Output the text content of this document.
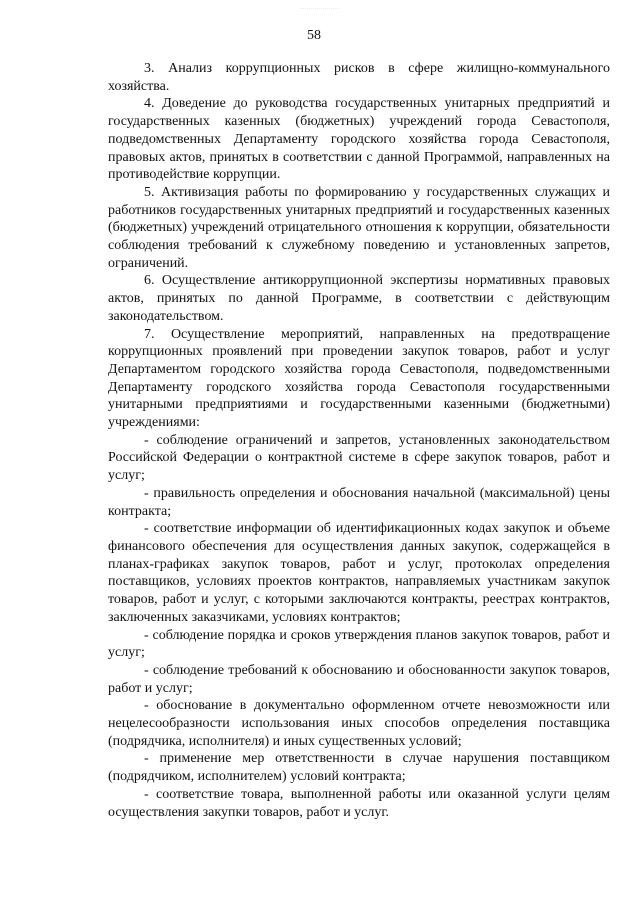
58

3. Анализ коррупционных рисков в сфере жилищно-коммунального хозяйства.

4. Доведение до руководства государственных унитарных предприятий и государственных казенных (бюджетных) учреждений города Севастополя, подведомственных Департаменту городского хозяйства города Севастополя, правовых актов, принятых в соответствии с данной Программой, направленных на противодействие коррупции.

5. Активизация работы по формированию у государственных служащих и работников государственных унитарных предприятий и государственных казенных (бюджетных) учреждений отрицательного отношения к коррупции, обязательности соблюдения требований к служебному поведению и установленных запретов, ограничений.

6. Осуществление антикоррупционной экспертизы нормативных правовых актов, принятых по данной Программе, в соответствии с действующим законодательством.

7. Осуществление мероприятий, направленных на предотвращение коррупционных проявлений при проведении закупок товаров, работ и услуг Департаментом городского хозяйства города Севастополя, подведомственными Департаменту городского хозяйства города Севастополя государственными унитарными предприятиями и государственными казенными (бюджетными) учреждениями:

- соблюдение ограничений и запретов, установленных законодательством Российской Федерации о контрактной системе в сфере закупок товаров, работ и услуг;

- правильность определения и обоснования начальной (максимальной) цены контракта;

- соответствие информации об идентификационных кодах закупок и объеме финансового обеспечения для осуществления данных закупок, содержащейся в планах-графиках закупок товаров, работ и услуг, протоколах определения поставщиков, условиях проектов контрактов, направляемых участникам закупок товаров, работ и услуг, с которыми заключаются контракты, реестрах контрактов, заключенных заказчиками, условиях контрактов;

- соблюдение порядка и сроков утверждения планов закупок товаров, работ и услуг;

- соблюдение требований к обоснованию и обоснованности закупок товаров, работ и услуг;

- обоснование в документально оформленном отчете невозможности или нецелесообразности использования иных способов определения поставщика (подрядчика, исполнителя) и иных существенных условий;

- применение мер ответственности в случае нарушения поставщиком (подрядчиком, исполнителем) условий контракта;

- соответствие товара, выполненной работы или оказанной услуги целям осуществления закупки товаров, работ и услуг.
